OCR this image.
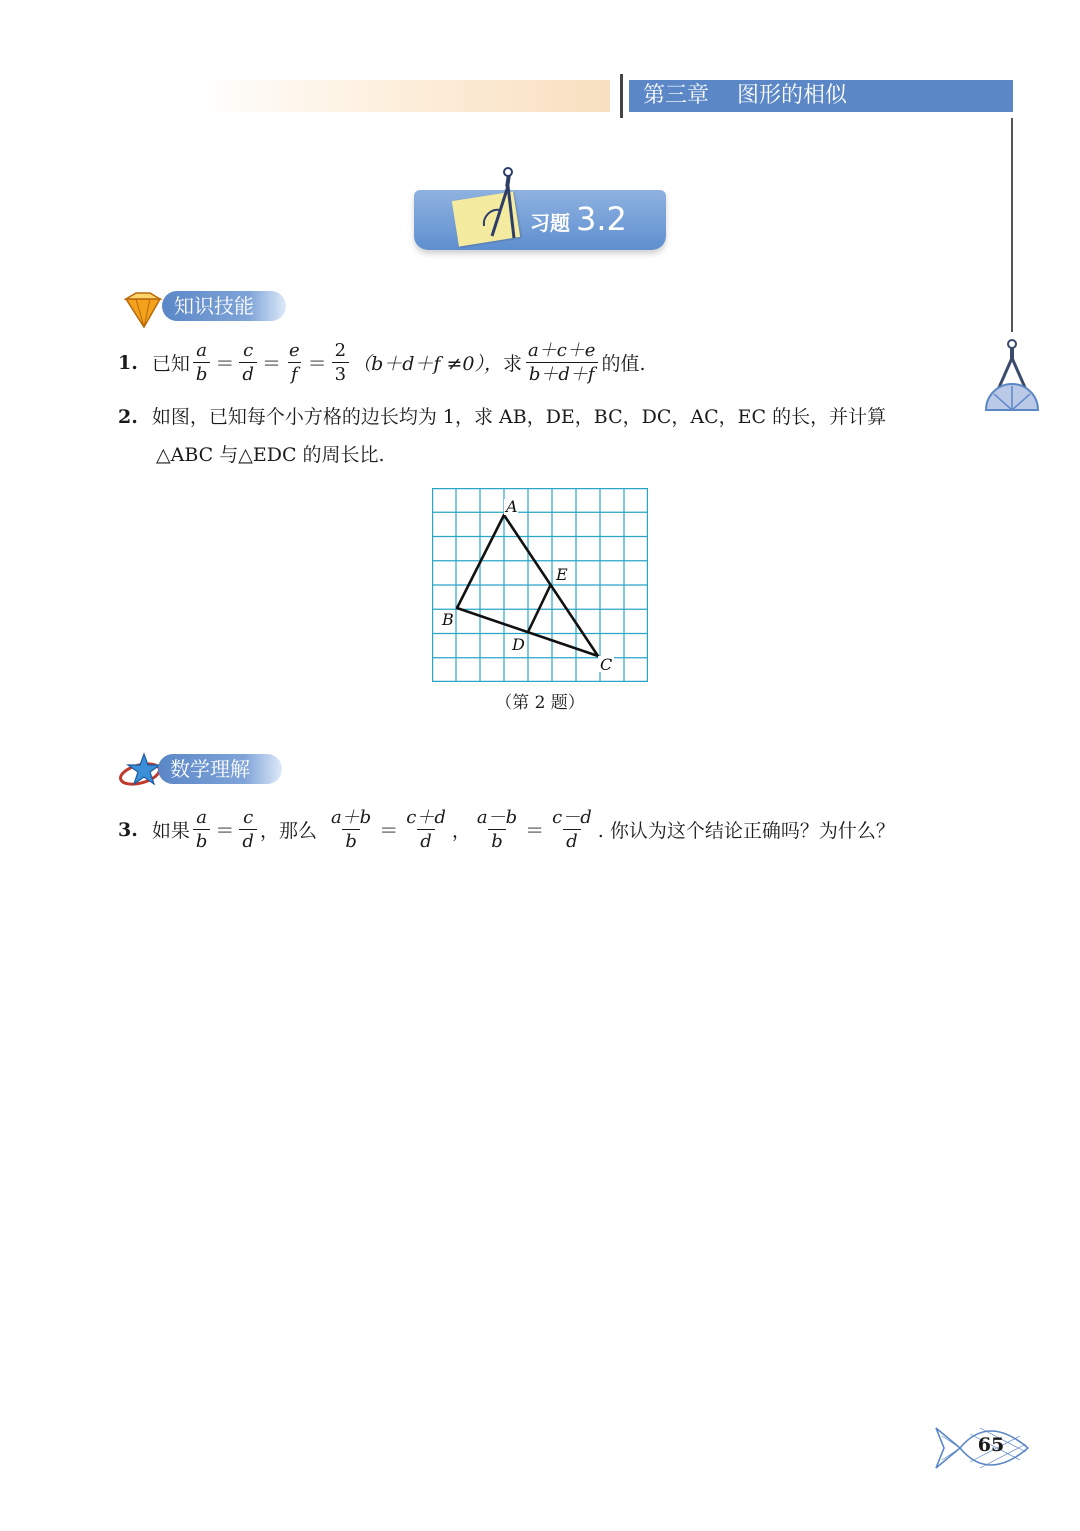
第三章 图形的相似
习题 3.2
知识技能
1. 已知 $\frac{a}{b} = \frac{c}{d} = \frac{e}{f} = \frac{2}{3} (b+d+f \ne 0)$， 求 $\frac{a+c+e}{b+d+f}$ 的值.
2. 如图，已知每个小方格的边长均为 1，求 AB，DE，BC，DC，AC，EC 的长，并计算
△ABC 与△EDC 的周长比.
A
E
B
D
C
（第 2 题）
数学理解
3. 如果 $\frac{a}{b} = \frac{c}{d}$ ，那么 $\frac{a+b}{b} = \frac{c+d}{d}$ ， $\frac{a-b}{b} = \frac{c-d}{d}$ . 你认为这个结论正确吗？为什么？
65
